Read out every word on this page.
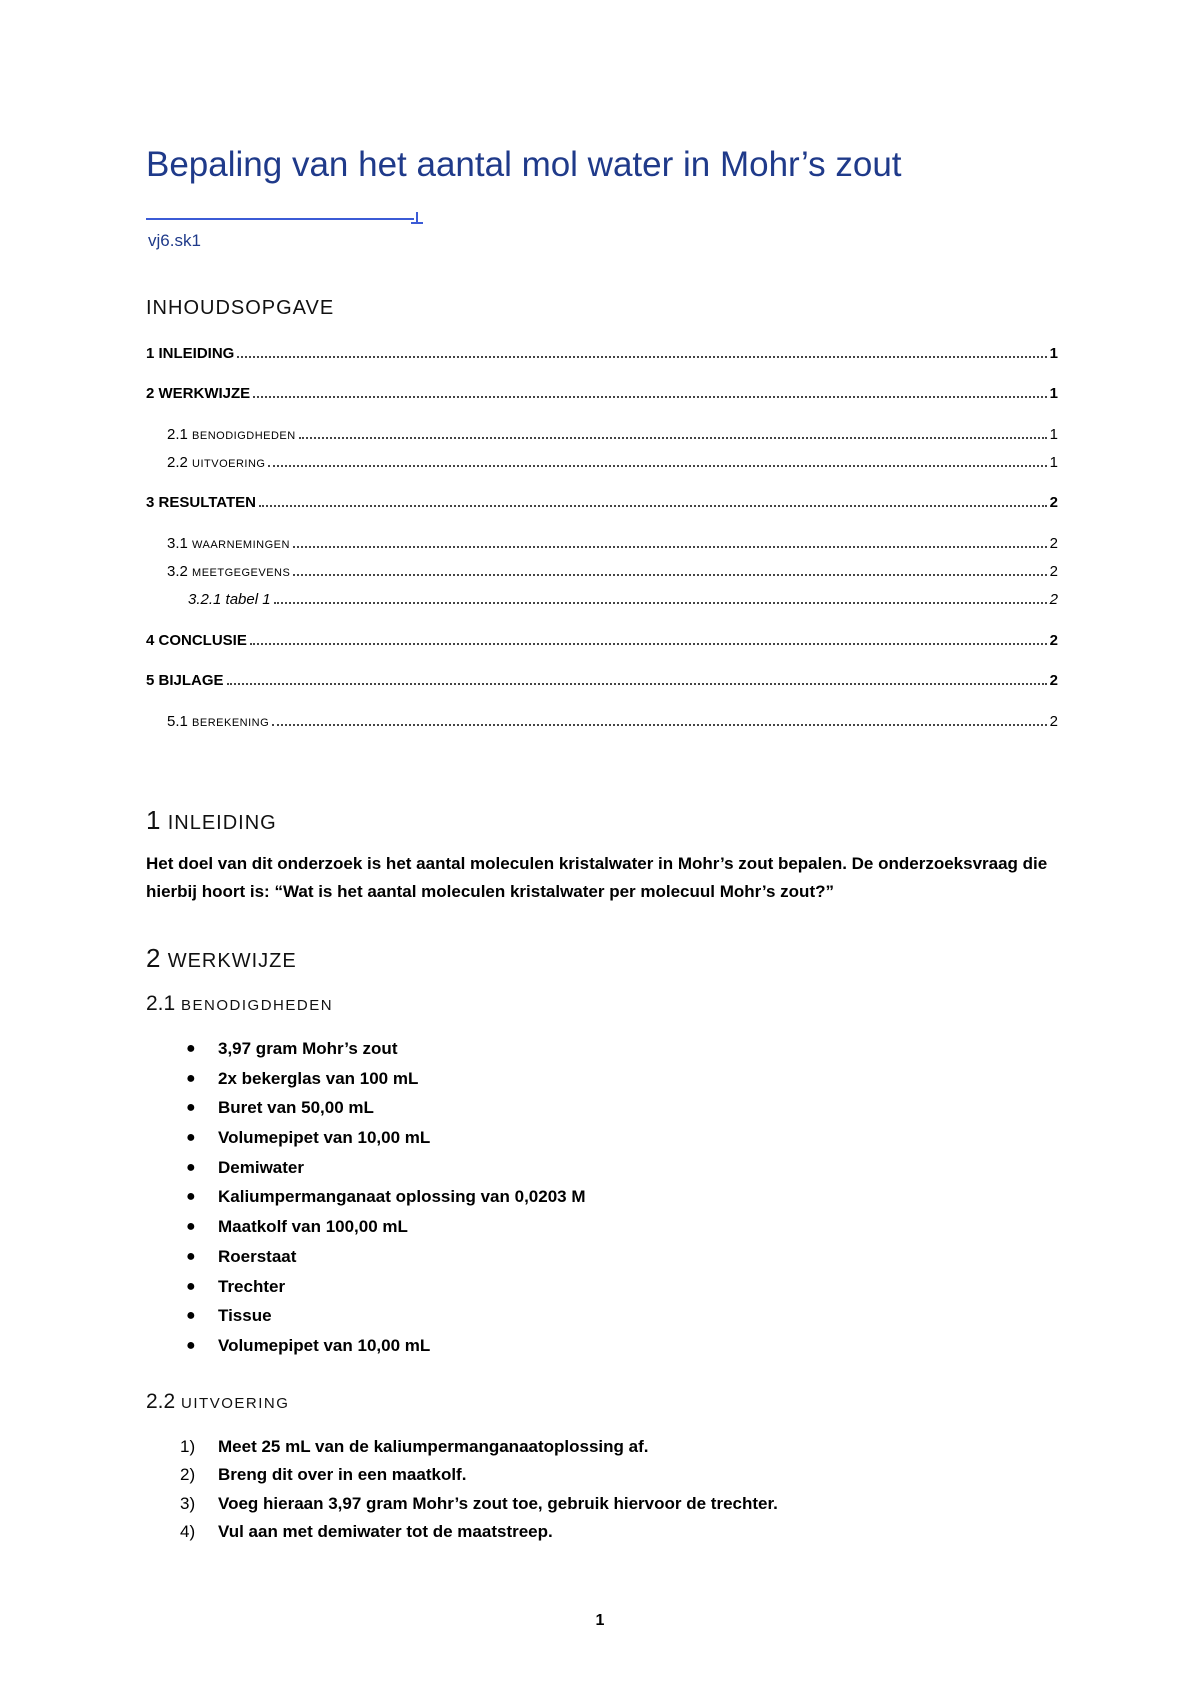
Bepaling van het aantal mol water in Mohr’s zout
vj6.sk1
INHOUDSOPGAVE
1 INLEIDING	1
2 WERKWIJZE	1
2.1 BENODIGDHEDEN	1
2.2 UITVOERING	1
3 RESULTATEN	2
3.1 WAARNEMINGEN	2
3.2 MEETGEGEVENS	2
3.2.1 tabel 1	2
4 CONCLUSIE	2
5 BIJLAGE	2
5.1 BEREKENING	2
1 INLEIDING
Het doel van dit onderzoek is het aantal moleculen kristalwater in Mohr’s zout bepalen. De onderzoeksvraag die hierbij hoort is: “Wat is het aantal moleculen kristalwater per molecuul Mohr’s zout?”
2 WERKWIJZE
2.1 BENODIGDHEDEN
● 3,97 gram Mohr’s zout
● 2x bekerglas van 100 mL
● Buret van 50,00 mL
● Volumepipet van 10,00 mL
● Demiwater
● Kaliumpermanganaat oplossing van 0,0203 M
● Maatkolf van 100,00 mL
● Roerstaat
● Trechter
● Tissue
● Volumepipet van 10,00 mL
2.2 UITVOERING
1) Meet 25 mL van de kaliumpermanganaatoplossing af.
2) Breng dit over in een maatkolf.
3) Voeg hieraan 3,97 gram Mohr’s zout toe, gebruik hiervoor de trechter.
4) Vul aan met demiwater tot de maatstreep.
1
